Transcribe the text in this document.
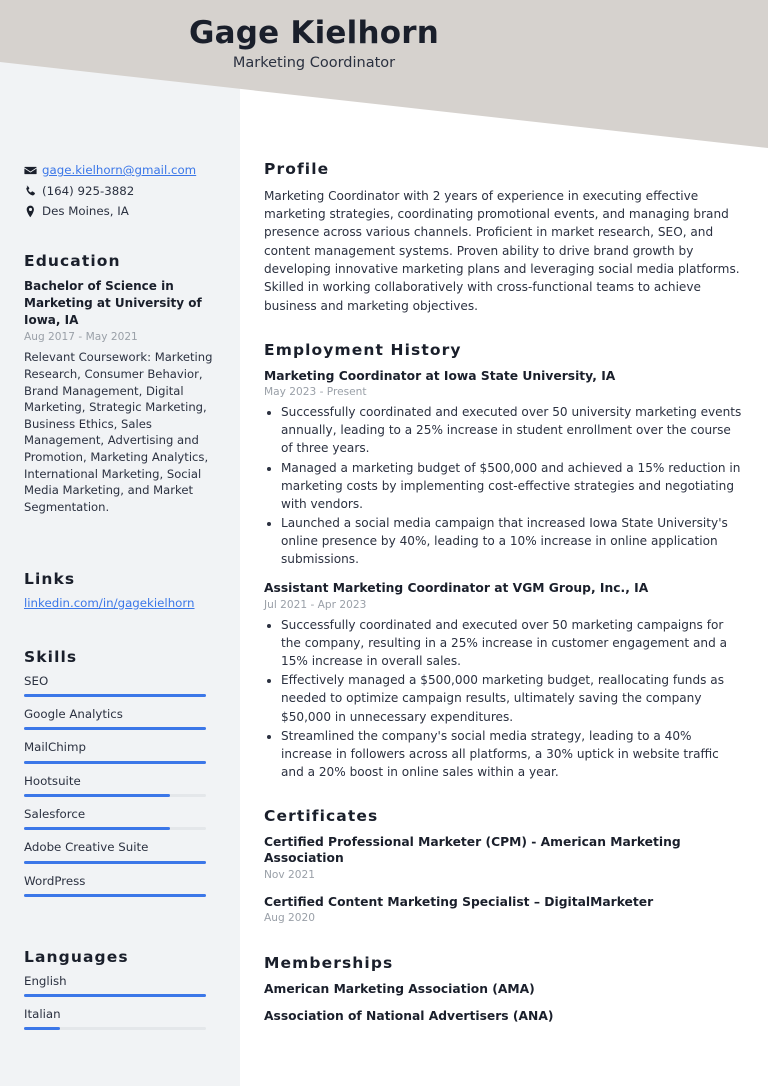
Gage Kielhorn
Marketing Coordinator
gage.kielhorn@gmail.com
(164) 925-3882
Des Moines, IA
Education
Bachelor of Science in Marketing at University of Iowa, IA
Aug 2017 - May 2021
Relevant Coursework: Marketing Research, Consumer Behavior, Brand Management, Digital Marketing, Strategic Marketing, Business Ethics, Sales Management, Advertising and Promotion, Marketing Analytics, International Marketing, Social Media Marketing, and Market Segmentation.
Links
linkedin.com/in/gagekielhorn
Skills
SEO
Google Analytics
MailChimp
Hootsuite
Salesforce
Adobe Creative Suite
WordPress
Languages
English
Italian
Profile

Marketing Coordinator with 2 years of experience in executing effective marketing strategies, coordinating promotional events, and managing brand presence across various channels. Proficient in market research, SEO, and content management systems. Proven ability to drive brand growth by developing innovative marketing plans and leveraging social media platforms. Skilled in working collaboratively with cross-functional teams to achieve business and marketing objectives.

Employment History
Marketing Coordinator at Iowa State University, IA
May 2023 - Present
• Successfully coordinated and executed over 50 university marketing events annually, leading to a 25% increase in student enrollment over the course of three years.
• Managed a marketing budget of $500,000 and achieved a 15% reduction in marketing costs by implementing cost-effective strategies and negotiating with vendors.
• Launched a social media campaign that increased Iowa State University's online presence by 40%, leading to a 10% increase in online application submissions.
Assistant Marketing Coordinator at VGM Group, Inc., IA
Jul 2021 - Apr 2023
• Successfully coordinated and executed over 50 marketing campaigns for the company, resulting in a 25% increase in customer engagement and a 15% increase in overall sales.
• Effectively managed a $500,000 marketing budget, reallocating funds as needed to optimize campaign results, ultimately saving the company $50,000 in unnecessary expenditures.
• Streamlined the company's social media strategy, leading to a 40% increase in followers across all platforms, a 30% uptick in website traffic and a 20% boost in online sales within a year.
Certificates
Certified Professional Marketer (CPM) - American Marketing Association
Nov 2021
Certified Content Marketing Specialist – DigitalMarketer
Aug 2020
Memberships
American Marketing Association (AMA)
Association of National Advertisers (ANA)
